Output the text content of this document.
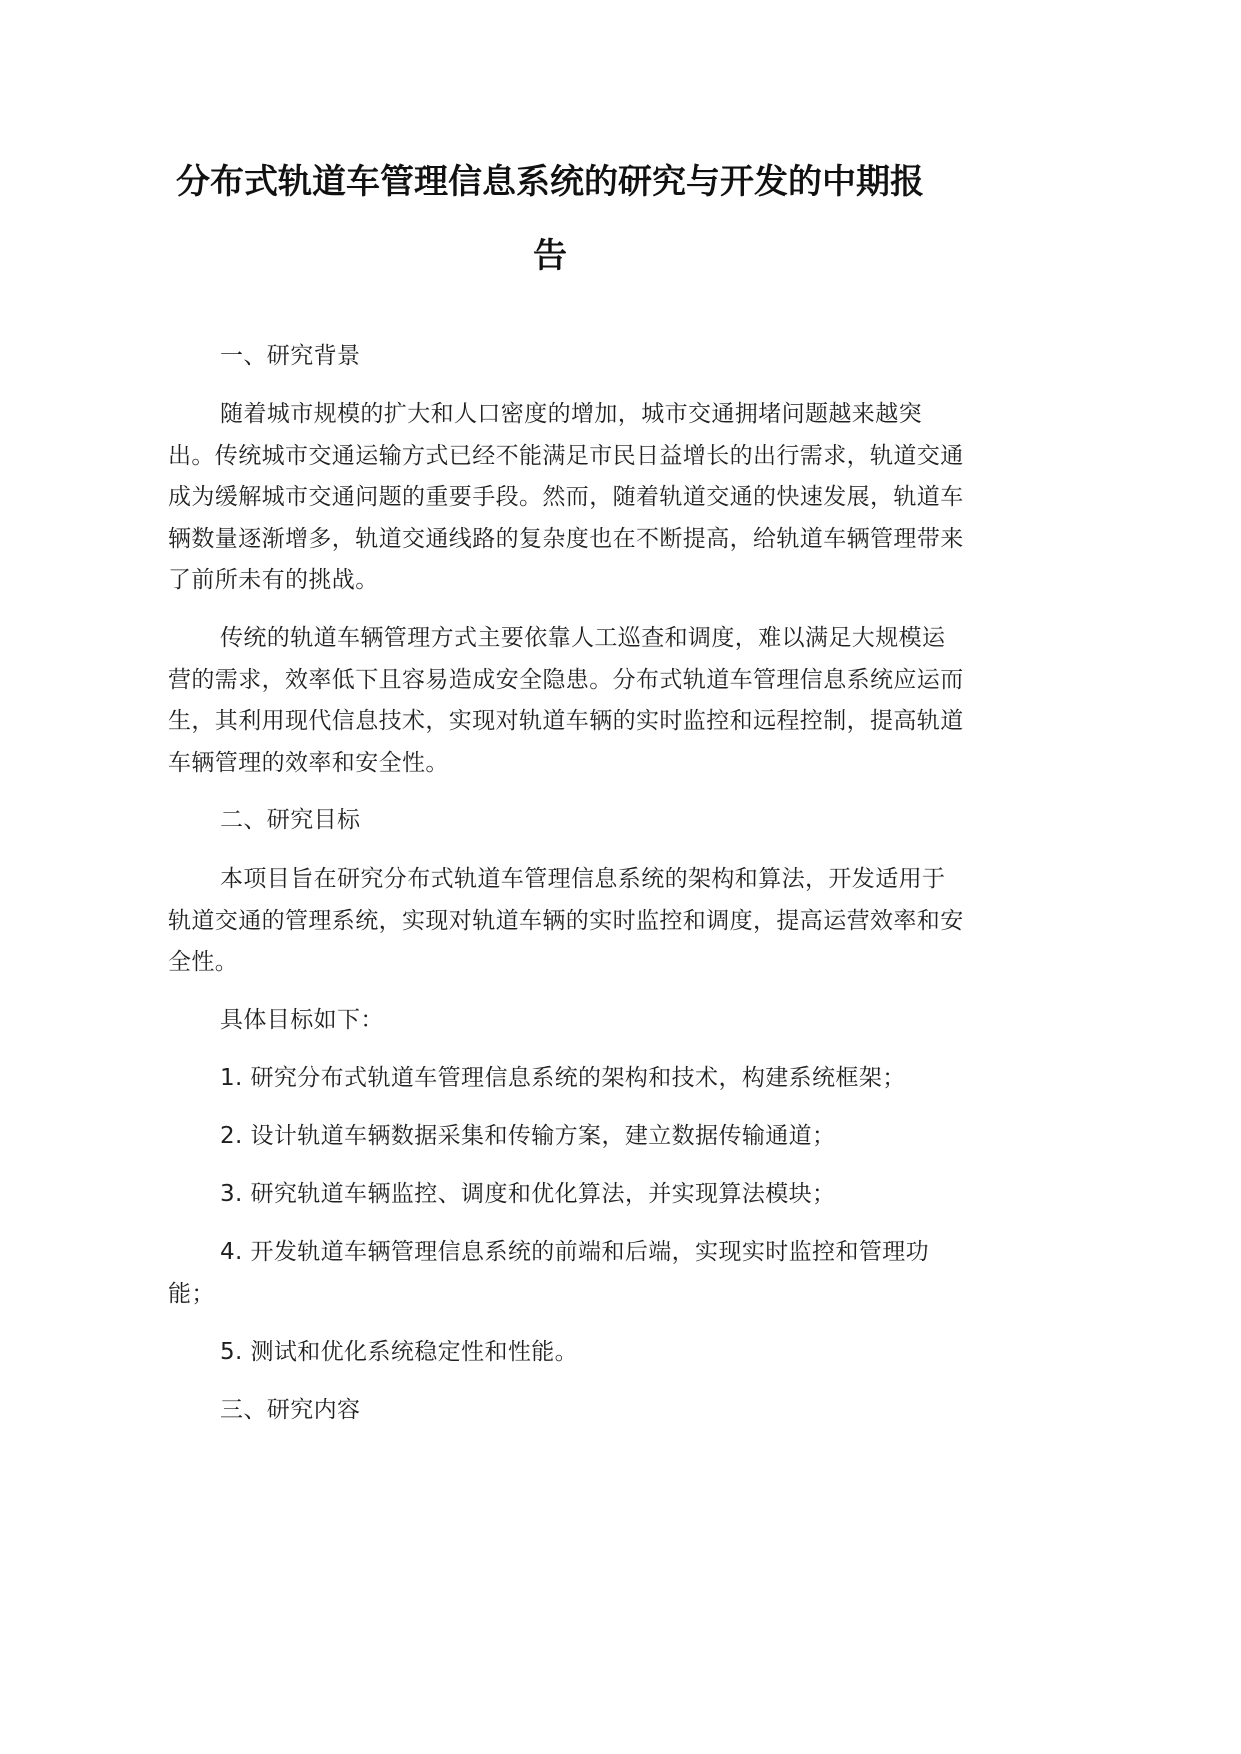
分布式轨道车管理信息系统的研究与开发的中期报
告

一、研究背景

随着城市规模的扩大和人口密度的增加，城市交通拥堵问题越来越突出。传统城市交通运输方式已经不能满足市民日益增长的出行需求，轨道交通成为缓解城市交通问题的重要手段。然而，随着轨道交通的快速发展，轨道车辆数量逐渐增多，轨道交通线路的复杂度也在不断提高，给轨道车辆管理带来了前所未有的挑战。

传统的轨道车辆管理方式主要依靠人工巡查和调度，难以满足大规模运营的需求，效率低下且容易造成安全隐患。分布式轨道车管理信息系统应运而生，其利用现代信息技术，实现对轨道车辆的实时监控和远程控制，提高轨道车辆管理的效率和安全性。

二、研究目标

本项目旨在研究分布式轨道车管理信息系统的架构和算法，开发适用于轨道交通的管理系统，实现对轨道车辆的实时监控和调度，提高运营效率和安全性。

具体目标如下：

1. 研究分布式轨道车管理信息系统的架构和技术，构建系统框架；

2. 设计轨道车辆数据采集和传输方案，建立数据传输通道；

3. 研究轨道车辆监控、调度和优化算法，并实现算法模块；

4. 开发轨道车辆管理信息系统的前端和后端，实现实时监控和管理功能；

5. 测试和优化系统稳定性和性能。

三、研究内容
